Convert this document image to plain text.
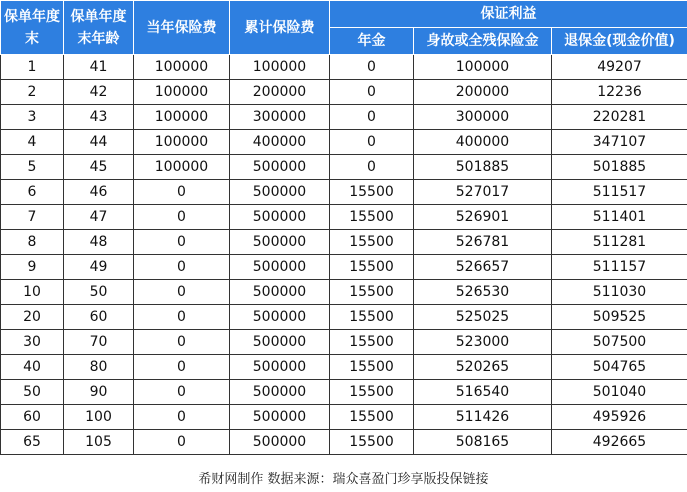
保单年度末	保单年度末年龄	当年保险费	累计保险费	保证利益		
				年金	身故或全残保险金	退保金(现金价值)
1	41	100000	100000	0	100000	49207
2	42	100000	200000	0	200000	12236
3	43	100000	300000	0	300000	220281
4	44	100000	400000	0	400000	347107
5	45	100000	500000	0	501885	501885
6	46	0	500000	15500	527017	511517
7	47	0	500000	15500	526901	511401
8	48	0	500000	15500	526781	511281
9	49	0	500000	15500	526657	511157
10	50	0	500000	15500	526530	511030
20	60	0	500000	15500	525025	509525
30	70	0	500000	15500	523000	507500
40	80	0	500000	15500	520265	504765
50	90	0	500000	15500	516540	501040
60	100	0	500000	15500	511426	495926
65	105	0	500000	15500	508165	492665
希财网制作 数据来源：瑞众喜盈门珍享版投保链接
